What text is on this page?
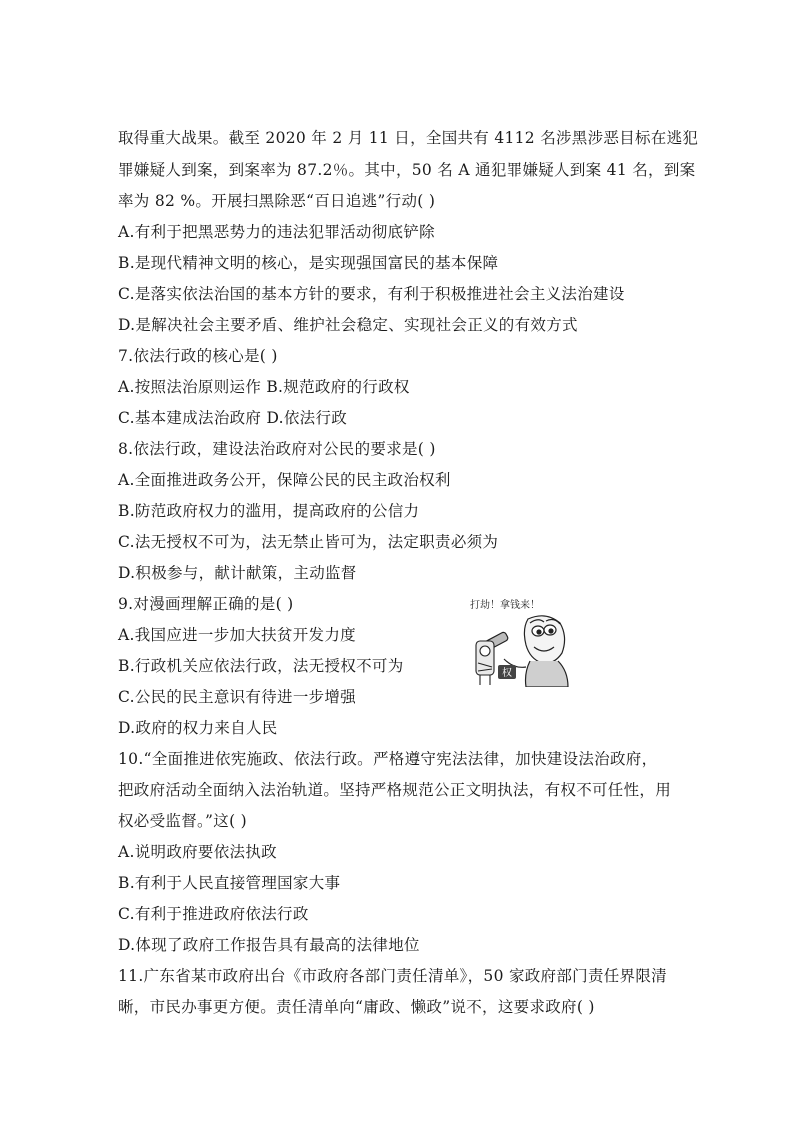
取得重大战果。截至 2020 年 2 月 11 日，全国共有 4112 名涉黑涉恶目标在逃犯
罪嫌疑人到案，到案率为 87.2％。其中，50 名 A 通犯罪嫌疑人到案 41 名，到案
率为 82 %。开展扫黑除恶“百日追逃”行动( )
A.有利于把黑恶势力的违法犯罪活动彻底铲除
B.是现代精神文明的核心，是实现强国富民的基本保障
C.是落实依法治国的基本方针的要求，有利于积极推进社会主义法治建设
D.是解决社会主要矛盾、维护社会稳定、实现社会正义的有效方式
7.依法行政的核心是( )
A.按照法治原则运作 B.规范政府的行政权
C.基本建成法治政府 D.依法行政
8.依法行政，建设法治政府对公民的要求是( )
A.全面推进政务公开，保障公民的民主政治权利
B.防范政府权力的滥用，提高政府的公信力
C.法无授权不可为，法无禁止皆可为，法定职责必须为
D.积极参与，献计献策，主动监督
9.对漫画理解正确的是( )
A.我国应进一步加大扶贫开发力度
B.行政机关应依法行政，法无授权不可为
C.公民的民主意识有待进一步增强
D.政府的权力来自人民
10.“全面推进依宪施政、依法行政。严格遵守宪法法律，加快建设法治政府，
把政府活动全面纳入法治轨道。坚持严格规范公正文明执法，有权不可任性，用
权必受监督。”这( )
A.说明政府要依法执政
B.有利于人民直接管理国家大事
C.有利于推进政府依法行政
D.体现了政府工作报告具有最高的法律地位
11.广东省某市政府出台《市政府各部门责任清单》，50 家政府部门责任界限清
晰，市民办事更方便。责任清单向“庸政、懒政”说不，这要求政府( )
打劫！拿钱来！
权
